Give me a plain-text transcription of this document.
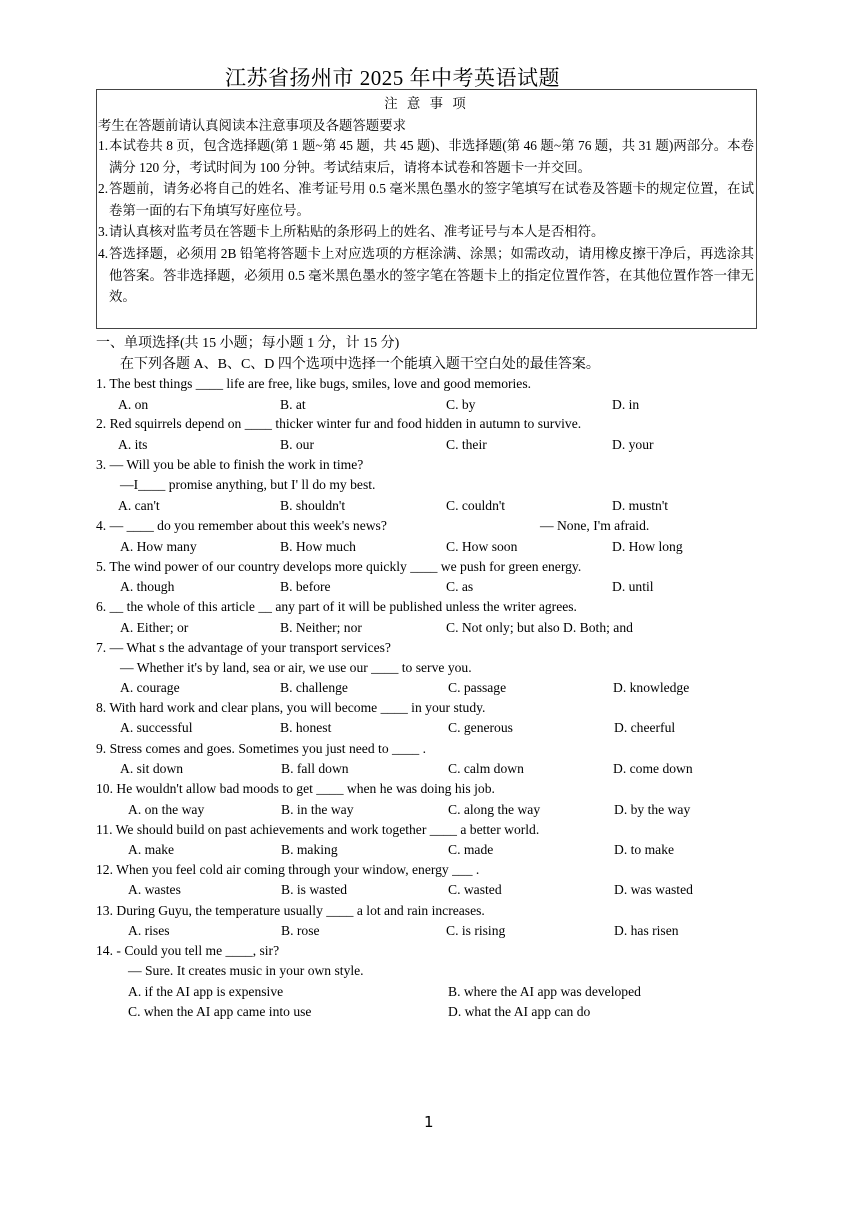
江苏省扬州市 2025 年中考英语试题
注 意 事 项
考生在答题前请认真阅读本注意事项及各题答题要求
1. 本试卷共 8 页，包含选择题(第 1 题~第 45 题，共 45 题)、非选择题(第 46 题~第 76 题，共 31 题)两部分。本卷满分 120 分，考试时间为 100 分钟。考试结束后，请将本试卷和答题卡一并交回。
2. 答题前，请务必将自己的姓名、准考证号用 0.5 毫米黑色墨水的签字笔填写在试卷及答题卡的规定位置，在试卷第一面的右下角填写好座位号。
3. 请认真核对监考员在答题卡上所粘贴的条形码上的姓名、准考证号与本人是否相符。
4. 答选择题，必须用 2B 铅笔将答题卡上对应选项的方框涂满、涂黑；如需改动，请用橡皮擦干净后，再选涂其他答案。答非选择题，必须用 0.5 毫米黑色墨水的签字笔在答题卡上的指定位置作答，在其他位置作答一律无效。
一、单项选择(共 15 小题；每小题 1 分，计 15 分)
在下列各题 A、B、C、D 四个选项中选择一个能填入题干空白处的最佳答案。
1. The best things ____ life are free, like bugs, smiles, love and good memories.
A. on	B. at	C. by	D. in
2. Red squirrels depend on ____ thicker winter fur and food hidden in autumn to survive.
A. its	B. our	C. their	D. your
3. — Will you be able to finish the work in time?
—I____ promise anything, but I' ll do my best.
A. can't	B. shouldn't	C. couldn't	D. mustn't
4. — ____ do you remember about this week's news?	— None, I'm afraid.
A. How many	B. How much	C. How soon	D. How long
5. The wind power of our country develops more quickly ____ we push for green energy.
A. though	B. before	C. as	D. until
6. __ the whole of this article __ any part of it will be published unless the writer agrees.
A. Either; or	B. Neither; nor	C. Not only; but also D. Both; and
7. — What s the advantage of your transport services?
— Whether it's by land, sea or air, we use our ____ to serve you.
A. courage	B. challenge	C. passage	D. knowledge
8. With hard work and clear plans, you will become ____ in your study.
A. successful	B. honest	C. generous	D. cheerful
9. Stress comes and goes. Sometimes you just need to ____ .
A. sit down	B. fall down	C. calm down	D. come down
10. He wouldn't allow bad moods to get ____ when he was doing his job.
A. on the way	B. in the way	C. along the way	D. by the way
11. We should build on past achievements and work together ____ a better world.
A. make	B. making	C. made	D. to make
12. When you feel cold air coming through your window, energy ___ .
A. wastes	B. is wasted	C. wasted	D. was wasted
13. During Guyu, the temperature usually ____ a lot and rain increases.
A. rises	B. rose	C. is rising	D. has risen
14. - Could you tell me ____, sir?
— Sure. It creates music in your own style.
A. if the AI app is expensive	B. where the AI app was developed
C. when the AI app came into use	D. what the AI app can do
1
